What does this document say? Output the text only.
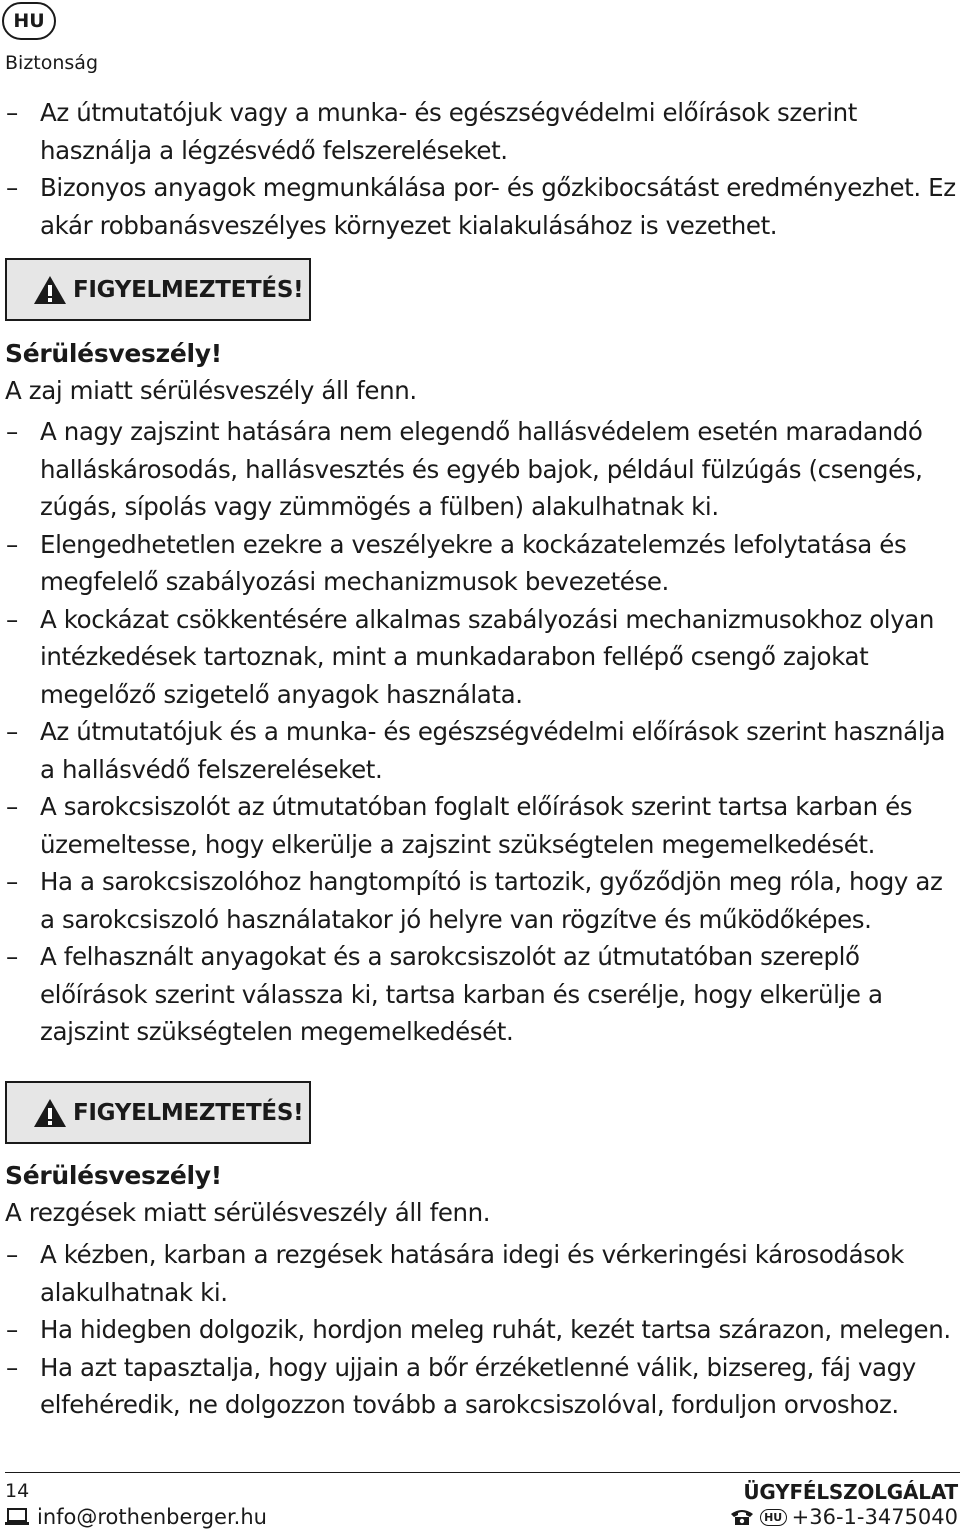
HU
Biztonság
– Az útmutatójuk vagy a munka- és egészségvédelmi előírások szerint használja a légzésvédő felszereléseket.
– Bizonyos anyagok megmunkálása por- és gőzkibocsátást eredményezhet. Ez akár robbanásveszélyes környezet kialakulásához is vezethet.
FIGYELMEZTETÉS!
Sérülésveszély!
A zaj miatt sérülésveszély áll fenn.
– A nagy zajszint hatására nem elegendő hallásvédelem esetén maradandó halláskárosodás, hallásvesztés és egyéb bajok, például fülzúgás (csengés, zúgás, sípolás vagy zümmögés a fülben) alakulhatnak ki.
– Elengedhetetlen ezekre a veszélyekre a kockázatelemzés lefolytatása és megfelelő szabályozási mechanizmusok bevezetése.
– A kockázat csökkentésére alkalmas szabályozási mechanizmusokhoz olyan intézkedések tartoznak, mint a munkadarabon fellépő csengő zajokat megelőző szigetelő anyagok használata.
– Az útmutatójuk és a munka- és egészségvédelmi előírások szerint használja a hallásvédő felszereléseket.
– A sarokcsiszolót az útmutatóban foglalt előírások szerint tartsa karban és üzemeltesse, hogy elkerülje a zajszint szükségtelen megemelkedését.
– Ha a sarokcsiszolóhoz hangtompító is tartozik, győződjön meg róla, hogy az a sarokcsiszoló használatakor jó helyre van rögzítve és működőképes.
– A felhasznált anyagokat és a sarokcsiszolót az útmutatóban szereplő előírások szerint válassza ki, tartsa karban és cserélje, hogy elkerülje a zajszint szükségtelen megemelkedését.
FIGYELMEZTETÉS!
Sérülésveszély!
A rezgések miatt sérülésveszély áll fenn.
– A kézben, karban a rezgések hatására idegi és vérkeringési károsodások alakulhatnak ki.
– Ha hidegben dolgozik, hordjon meleg ruhát, kezét tartsa szárazon, melegen.
– Ha azt tapasztalja, hogy ujjain a bőr érzéketlenné válik, bizsereg, fáj vagy elfehéredik, ne dolgozzon tovább a sarokcsiszolóval, forduljon orvoshoz.
14
info@rothenberger.hu
ÜGYFÉLSZOLGÁLAT
HU +36-1-3475040
